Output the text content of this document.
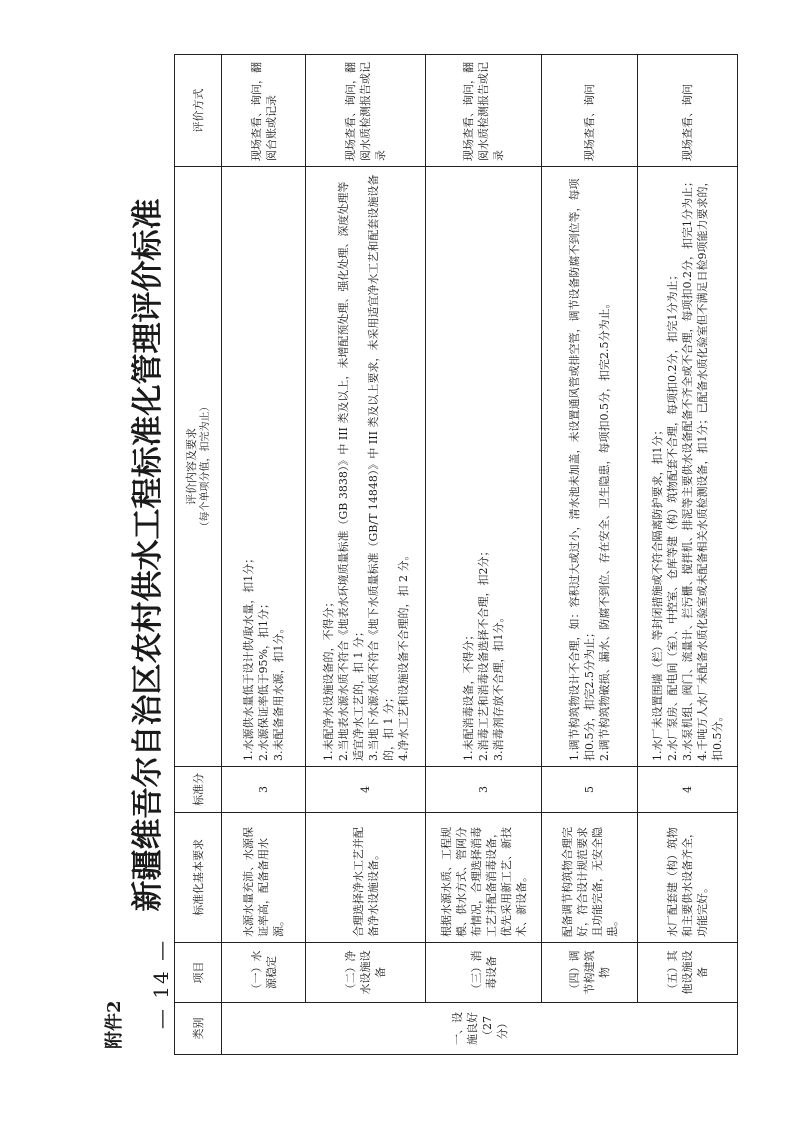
— 14 —
附件2
新疆维吾尔自治区农村供水工程标准化管理评价标准
类别	项目	标准化基本要求	标准分	评价内容及要求 （每个单项分值，扣完为止）	评价方式
一、设施良好（27分）	（一）水源稳定	水源水量充沛、水源保证率高，配备备用水源。	3	1.水源供水量低于设计供/取水量，扣1分；
2.水源保证率低于95%，扣1分；
3.未配备备用水源，扣1分。	现场查看、询问，翻阅台账或记录
	（二）净水设施设备	合理选择净水工艺并配备净水设施设备。	4	1.未配净水设施设备的，不得分；
2.当地表水源水质不符合《地表水环境质量标准（GB 3838）》中 III 类及以上，未增配预处理、强化处理、深度处理等适宜净水工艺的，扣 1 分；
3.当地下水源水质不符合《地下水质量标准（GB/T 14848）》中 III 类及以上要求，未采用适宜净水工艺和配套设施设备的，扣 1 分；
4.净水工艺和设施设备不合理的，扣 2 分。	现场查看、询问，翻阅水质检测报告或记录
	（三）消毒设备	根据水源水质、工程规模、供水方式、管网分布情况，合理选择消毒工艺并配备消毒设备，优先采用新工艺、新技术、新设备。	3	1.未配消毒设备，不得分；
2.消毒工艺和消毒设备选择不合理，扣2分；
3.消毒剂存放不合理，扣1分。	现场查看、询问，翻阅水质检测报告或记录
	（四）调节构建筑物	配备调节构筑物合理完好，符合设计规范要求且功能完备，无安全隐患。	5	1.调节构筑物设计不合理，如：容积过大或过小，清水池未加盖，未设置通风管或排空管，调节设备防腐不到位等，每项扣0.5分，扣完2.5分为止；
2.调节构筑物破损、漏水、防腐不到位、存在安全、卫生隐患，每项扣0.5分，扣完2.5分为止。	现场查看、询问
	（五）其他设施设备	水厂配套建（构）筑物和主要供水设备齐全，功能完好。	4	1.水厂未设置围墙（栏）等封闭措施或不符合隔离防护要求，扣1分；
2.水厂泵房、配电间（室）、中控室、仓库等建（构）筑物配套不合理，每项扣0.2分，扣完1分为止；
3.水泵机组、阀门、流量计、拦污栅、搅拌机、排泥等主要供水设备配备不齐全或不合理，每项扣0.2分，扣完1分为止；
4.千吨万人水厂未配备水质化验室或未配备相关水质检测设备，扣1分；已配备水质化验室但不满足日检9项能力要求的，扣0.5分。	现场查看、询问
